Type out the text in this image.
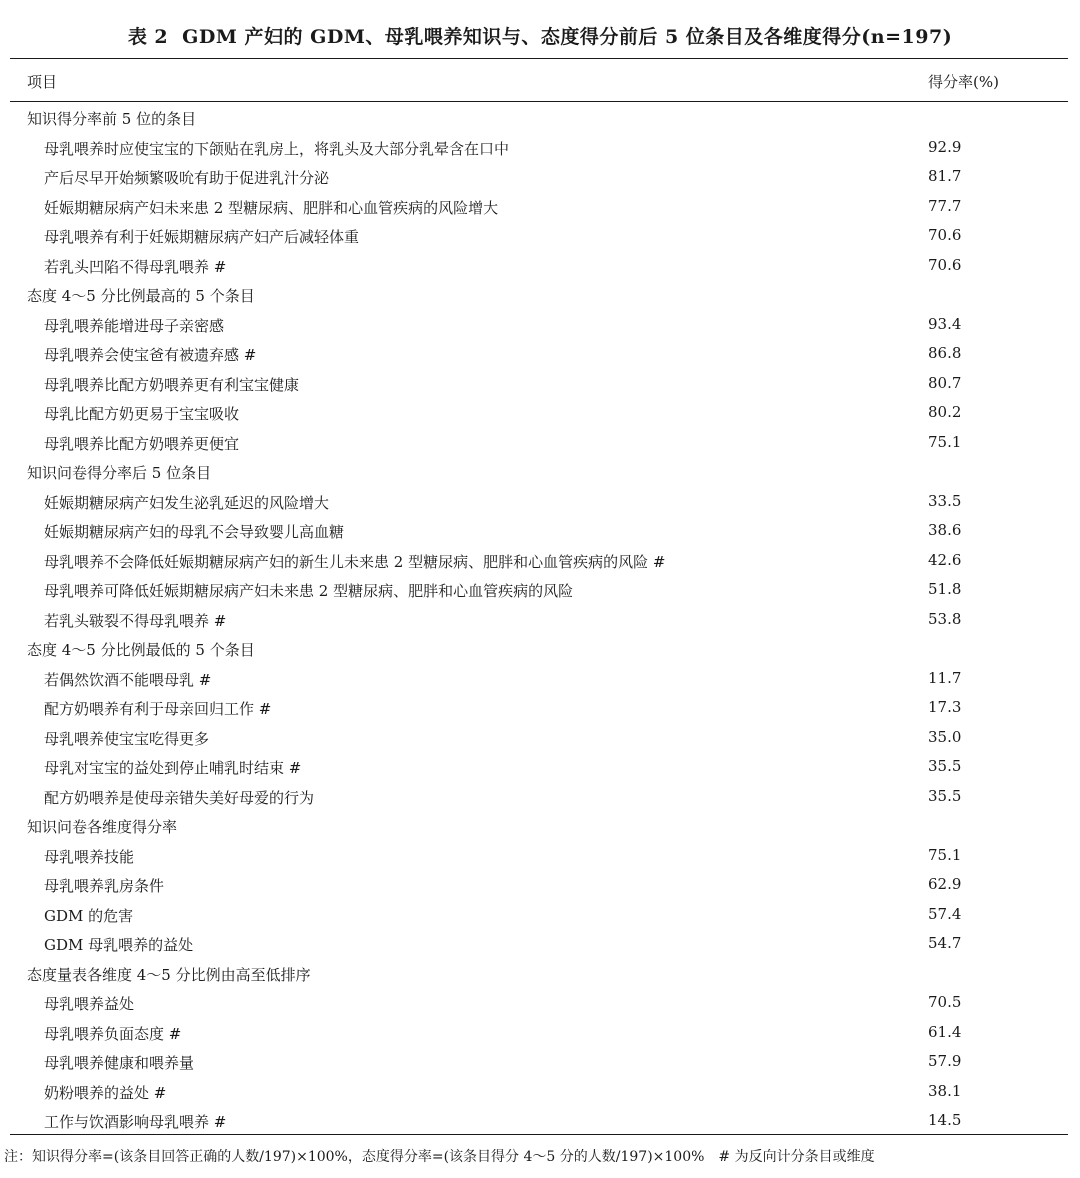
表 2 GDM 产妇的 GDM、母乳喂养知识与、态度得分前后 5 位条目及各维度得分(n=197)
项目	得分率(%)
知识得分率前 5 位的条目
母乳喂养时应使宝宝的下颌贴在乳房上，将乳头及大部分乳晕含在口中	92.9
产后尽早开始频繁吸吮有助于促进乳汁分泌	81.7
妊娠期糖尿病产妇未来患 2 型糖尿病、肥胖和心血管疾病的风险增大	77.7
母乳喂养有利于妊娠期糖尿病产妇产后减轻体重	70.6
若乳头凹陷不得母乳喂养 #	70.6
态度 4～5 分比例最高的 5 个条目
母乳喂养能增进母子亲密感	93.4
母乳喂养会使宝爸有被遗弃感 #	86.8
母乳喂养比配方奶喂养更有利宝宝健康	80.7
母乳比配方奶更易于宝宝吸收	80.2
母乳喂养比配方奶喂养更便宜	75.1
知识问卷得分率后 5 位条目
妊娠期糖尿病产妇发生泌乳延迟的风险增大	33.5
妊娠期糖尿病产妇的母乳不会导致婴儿高血糖	38.6
母乳喂养不会降低妊娠期糖尿病产妇的新生儿未来患 2 型糖尿病、肥胖和心血管疾病的风险 #	42.6
母乳喂养可降低妊娠期糖尿病产妇未来患 2 型糖尿病、肥胖和心血管疾病的风险	51.8
若乳头皲裂不得母乳喂养 #	53.8
态度 4～5 分比例最低的 5 个条目
若偶然饮酒不能喂母乳 #	11.7
配方奶喂养有利于母亲回归工作 #	17.3
母乳喂养使宝宝吃得更多	35.0
母乳对宝宝的益处到停止哺乳时结束 #	35.5
配方奶喂养是使母亲错失美好母爱的行为	35.5
知识问卷各维度得分率
母乳喂养技能	75.1
母乳喂养乳房条件	62.9
GDM 的危害	57.4
GDM 母乳喂养的益处	54.7
态度量表各维度 4～5 分比例由高至低排序
母乳喂养益处	70.5
母乳喂养负面态度 #	61.4
母乳喂养健康和喂养量	57.9
奶粉喂养的益处 #	38.1
工作与饮酒影响母乳喂养 #	14.5
注：知识得分率=(该条目回答正确的人数/197)×100%，态度得分率=(该条目得分 4～5 分的人数/197)×100%　# 为反向计分条目或维度
